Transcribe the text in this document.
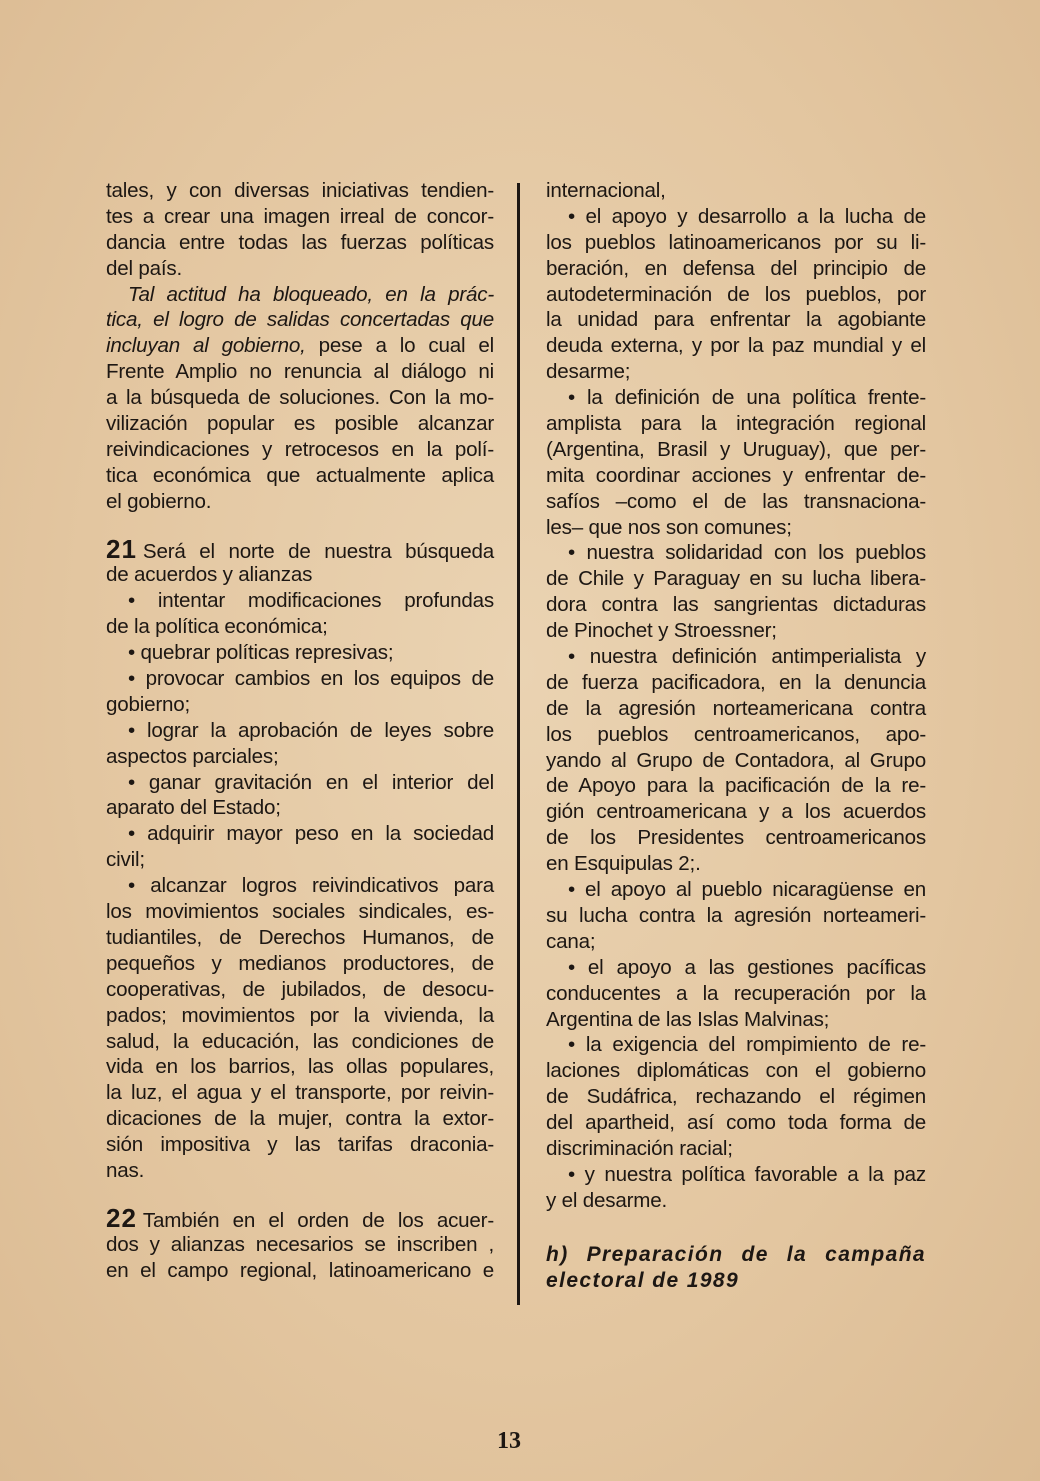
tales, y con diversas iniciativas tendien-
tes a crear una imagen irreal de concor-
dancia entre todas las fuerzas políticas
del país.
Tal actitud ha bloqueado, en la prác-
tica, el logro de salidas concertadas que
incluyan al gobierno, pese a lo cual el
Frente Amplio no renuncia al diálogo ni
a la búsqueda de soluciones. Con la mo-
vilización popular es posible alcanzar
reivindicaciones y retrocesos en la polí-
tica económica que actualmente aplica
el gobierno.
21 Será el norte de nuestra búsqueda
de acuerdos y alianzas
• intentar modificaciones profundas
de la política económica;
• quebrar políticas represivas;
• provocar cambios en los equipos de
gobierno;
• lograr la aprobación de leyes sobre
aspectos parciales;
• ganar gravitación en el interior del
aparato del Estado;
• adquirir mayor peso en la sociedad
civil;
• alcanzar logros reivindicativos para
los movimientos sociales sindicales, es-
tudiantiles, de Derechos Humanos, de
pequeños y medianos productores, de
cooperativas, de jubilados, de desocu-
pados; movimientos por la vivienda, la
salud, la educación, las condiciones de
vida en los barrios, las ollas populares,
la luz, el agua y el transporte, por reivin-
dicaciones de la mujer, contra la extor-
sión impositiva y las tarifas draconia-
nas.
22 También en el orden de los acuer-
dos y alianzas necesarios se inscriben ,
en el campo regional, latinoamericano e
internacional,
• el apoyo y desarrollo a la lucha de
los pueblos latinoamericanos por su li-
beración, en defensa del principio de
autodeterminación de los pueblos, por
la unidad para enfrentar la agobiante
deuda externa, y por la paz mundial y el
desarme;
• la definición de una política frente-
amplista para la integración regional
(Argentina, Brasil y Uruguay), que per-
mita coordinar acciones y enfrentar de-
safíos –como el de las transnaciona-
les– que nos son comunes;
• nuestra solidaridad con los pueblos
de Chile y Paraguay en su lucha libera-
dora contra las sangrientas dictaduras
de Pinochet y Stroessner;
• nuestra definición antimperialista y
de fuerza pacificadora, en la denuncia
de la agresión norteamericana contra
los pueblos centroamericanos, apo-
yando al Grupo de Contadora, al Grupo
de Apoyo para la pacificación de la re-
gión centroamericana y a los acuerdos
de los Presidentes centroamericanos
en Esquipulas 2;.
• el apoyo al pueblo nicaragüense en
su lucha contra la agresión norteameri-
cana;
• el apoyo a las gestiones pacíficas
conducentes a la recuperación por la
Argentina de las Islas Malvinas;
• la exigencia del rompimiento de re-
laciones diplomáticas con el gobierno
de Sudáfrica, rechazando el régimen
del apartheid, así como toda forma de
discriminación racial;
• y nuestra política favorable a la paz
y el desarme.
h) Preparación de la campaña
electoral de 1989
13
